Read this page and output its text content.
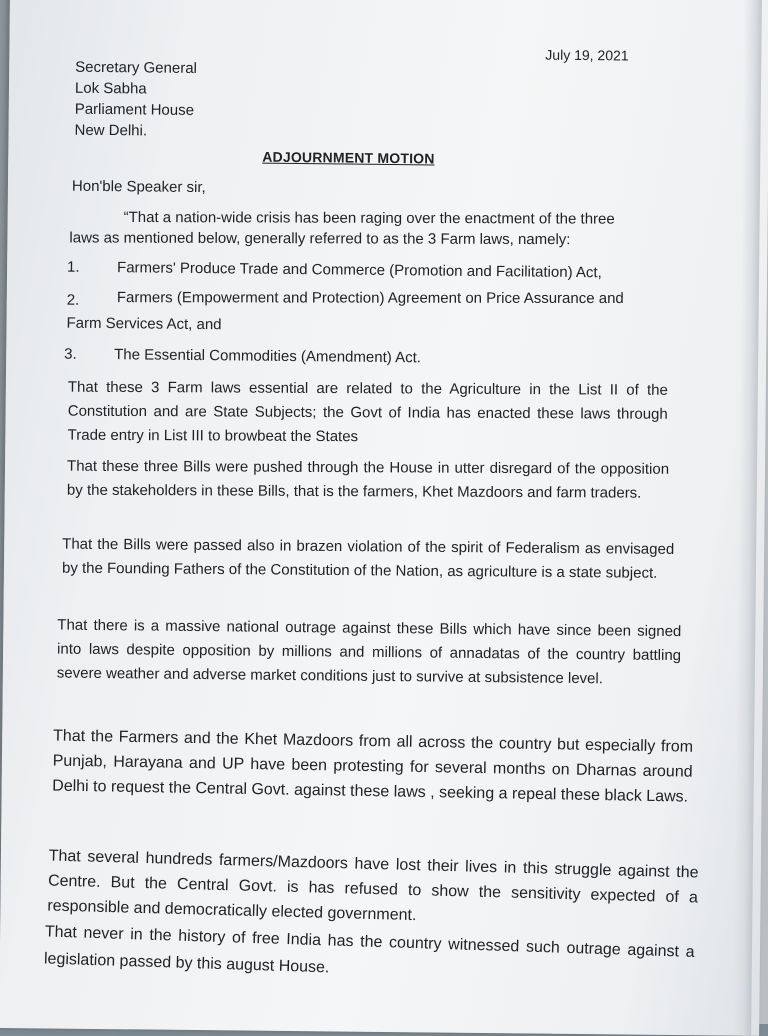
July 19, 2021
Secretary General
Lok Sabha
Parliament House
New Delhi.
ADJOURNMENT MOTION
Hon'ble Speaker sir,
“That a nation-wide crisis has been raging over the enactment of the three
laws as mentioned below, generally referred to as the 3 Farm laws, namely:
1. Farmers' Produce Trade and Commerce (Promotion and Facilitation) Act,
2. Farmers (Empowerment and Protection) Agreement on Price Assurance and
Farm Services Act, and
3. The Essential Commodities (Amendment) Act.
That these 3 Farm laws essential are related to the Agriculture in the List II of the Constitution and are State Subjects; the Govt of India has enacted these laws through Trade entry in List III to browbeat the States
That these three Bills were pushed through the House in utter disregard of the opposition by the stakeholders in these Bills, that is the farmers, Khet Mazdoors and farm traders.
That the Bills were passed also in brazen violation of the spirit of Federalism as envisaged by the Founding Fathers of the Constitution of the Nation, as agriculture is a state subject.
That there is a massive national outrage against these Bills which have since been signed into laws despite opposition by millions and millions of annadatas of the country battling severe weather and adverse market conditions just to survive at subsistence level.
That the Farmers and the Khet Mazdoors from all across the country but especially from Punjab, Harayana and UP have been protesting for several months on Dharnas around Delhi to request the Central Govt. against these laws , seeking a repeal these black Laws.
That several hundreds farmers/Mazdoors have lost their lives in this struggle against the Centre. But the Central Govt. is has refused to show the sensitivity expected of a responsible and democratically elected government.
That never in the history of free India has the country witnessed such outrage against a legislation passed by this august House.
